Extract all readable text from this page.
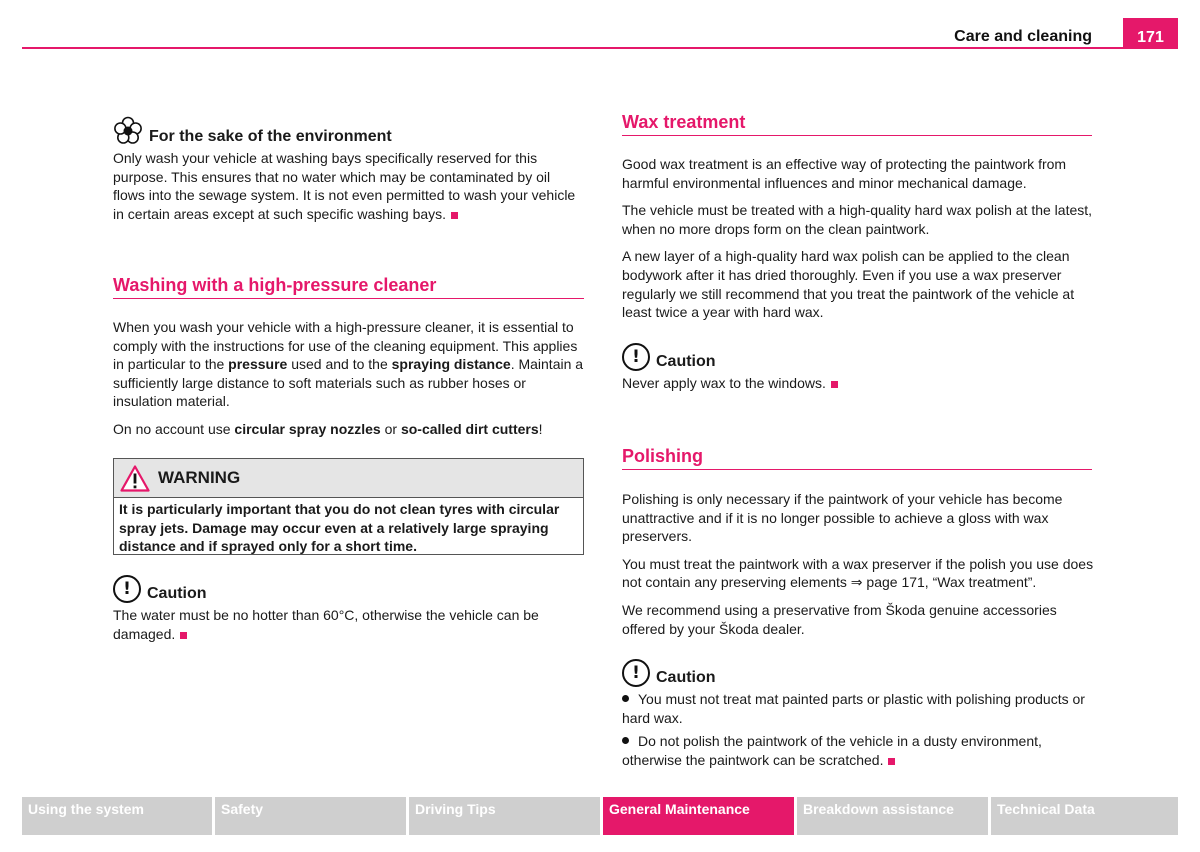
Care and cleaning	171
For the sake of the environment

Only wash your vehicle at washing bays specifically reserved for this purpose. This ensures that no water which may be contaminated by oil flows into the sewage system. It is not even permitted to wash your vehicle in certain areas except at such specific washing bays.

Washing with a high-pressure cleaner

When you wash your vehicle with a high-pressure cleaner, it is essential to comply with the instructions for use of the cleaning equipment. This applies in particular to the pressure used and to the spraying distance. Maintain a sufficiently large distance to soft materials such as rubber hoses or insulation material.

On no account use circular spray nozzles or so-called dirt cutters!

WARNING
It is particularly important that you do not clean tyres with circular spray jets. Damage may occur even at a relatively large spraying distance and if sprayed only for a short time.
!	Caution

The water must be no hotter than 60°C, otherwise the vehicle can be damaged.

Wax treatment

Good wax treatment is an effective way of protecting the paintwork from harmful environmental influences and minor mechanical damage.

The vehicle must be treated with a high-quality hard wax polish at the latest, when no more drops form on the clean paintwork.

A new layer of a high-quality hard wax polish can be applied to the clean bodywork after it has dried thoroughly. Even if you use a wax preserver regularly we still recommend that you treat the paintwork of the vehicle at least twice a year with hard wax.

!	Caution

Never apply wax to the windows.

Polishing

Polishing is only necessary if the paintwork of your vehicle has become unattractive and if it is no longer possible to achieve a gloss with wax preservers.

You must treat the paintwork with a wax preserver if the polish you use does not contain any preserving elements ⇒ page 171, “Wax treatment”.

We recommend using a preservative from Škoda genuine accessories offered by your Škoda dealer.

!	Caution

You must not treat mat painted parts or plastic with polishing products or hard wax.

Do not polish the paintwork of the vehicle in a dusty environment, otherwise the paintwork can be scratched.

Using the system	Safety	Driving Tips	General Maintenance	Breakdown assistance	Technical Data
